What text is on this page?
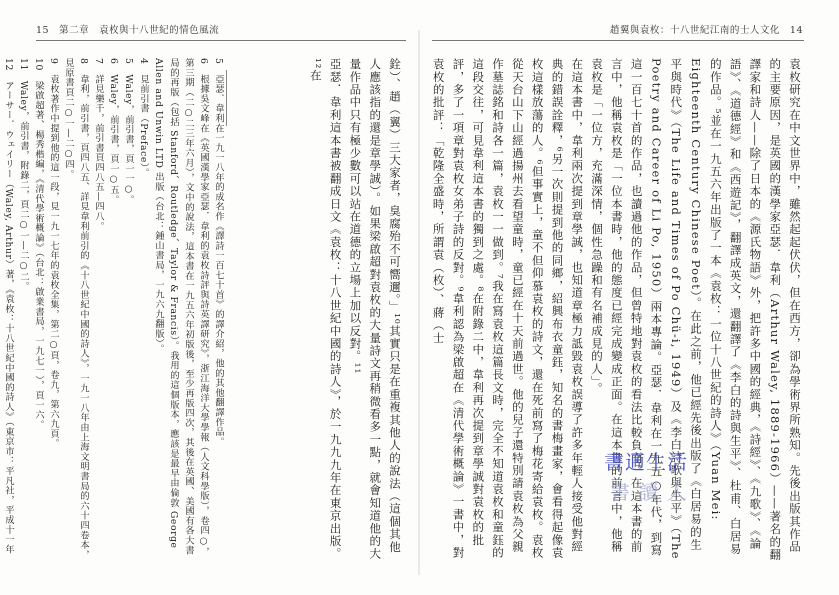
15　第二章　袁枚與十八世紀的情色風流	趙翼與袁枚：十八世紀江南的士人文化　14

袁枚研究在中文世界中，雖然起起伏伏，但在西方，卻為學術界所熟知。先後出版其作品的主要原因，是英國的漢學家亞瑟．韋利（Arthur Waley, 1889-1966）——著名的翻譯家和詩人——除了日本的《源氏物語》外，把許多中國的經典，《詩經》、《九歌》、《論語》、《道德經》和《西遊記》，翻譯成英文，還翻譯了《李白的詩與生平》、杜甫、白居易的作品。⁵並在一九五六年出版了一本《袁枚：一位十八世紀的詩人》（Yuan Mei: Eighteenth Century Chinese Poet）。在此之前，他已經先後出版了《白居易的生平與時代》（The Life and Times of Po Chü-i, 1949）及《李白詩歌與生平》（The Poetry and Career of Li Po, 1950）兩本專論。亞瑟．韋利在一九五○年代，到寫這一百七十首的作品，也讀過他的作品，但曾特地對袁枚的看法比較負面。在這本書的前言中，他稱袁枚是「一位本書時，他的態度已經完成變成正面。在這本書的前言中，他稱袁枚是「一位方，充滿深情，個性急躁和有名補成見的人」。

在這本書中，韋利兩次提到章學誠，也知道章極力詆毀袁枚誤導了許多年輕人接受他對經典的錯誤詮釋，⁶另一次則提到他的同鄉，紹興布衣童鈺，知名的書梅畫家，會看得起像袁枚這樣放蕩的人。⁶但事實上，童不但仰慕袁枚的詩文，還在死前寫了梅花寄給袁枚。袁枚從天台山下山經過揚州去看望童時，童已經在十天前過世。他的兒子還特別請袁枚為父親作墓誌銘和詩各一篇，袁枚一一做到。⁷我在寫袁枚這篇長文時，完全不知道袁枚和童鈺的這段交往，可見韋利這本書的獨到之處。⁸在附錄二中，韋利再次提到章學誠對袁枚的批評，多了一項章對袁枚女弟子詩的反對。⁹韋利認為梁啟超在《清代學術概論》一書中，對袁枚的批評：「乾隆全盛時，所謂袁（枚）、蔣（士

銓）、趙（翼）三大家者，臭腐殆不可嚮邇。」¹⁰其實只是在重複其他人的說法（這個其他人應該指的還是章學誠）。如果梁啟超對袁枚的大量詩文再稍微看多一點，就會知道他的大量作品中只有極少數可以站在道德的立場上加以反對。¹¹

亞瑟．韋利這本書被翻成日文《袁枚：十八世紀中國的詩人》，於一九九九年在東京出版。¹²在

5　亞瑟．韋利在一九一八年的成名作《譯詩一百七十首》的譯介紹，他的其他翻譯作品。

6　根據吳文峰在《英國漢學家亞瑟．韋利的袁枚詩評與詩英譯研究》，浙江海洋大學學報（人文科學版），卷四○，第三期（二○二三年六月），文中的說法，這本書在一九五六年初版後，至少再版四次，其後在英國、美國有各大書局的再版（包括 Stanford、Routledge、Taylor & Francis）。我用的這個版本，應該是最早由倫敦 George Allen and Unwin LTD 出版（台北：鍾山書局，一九六九翻版）。

4　見前引書（Preface）。

5　Waley，前引書，頁一一○。

6　Waley，前引書，頁一○五。

7　詳見樂千，前引書頁四八五—四八。

8　韋利，前引書，頁四八五、詳見韋利前引的《十八世紀中國的詩人》，一九一八年由上海文明書局的六十四卷本，見原書頁二○一—二○四。

9　袁枚著作中提到他的這一段，見一九一七年的袁枚全集，第二○頁，卷九，第六九頁。

10　梁啟超著、楊秀楷編，《清代學術概論》（台北：啟業書局，一九七一），頁一六。

11　Waley，前引書，附錄二，頁二○一—二○二。

12　アーサー．ウェイリー（Waley, Arthur）著，《袁枚：十八世紀中國的詩人》（東京市：平凡社，平成十一年	書適生活
書 讀 人
